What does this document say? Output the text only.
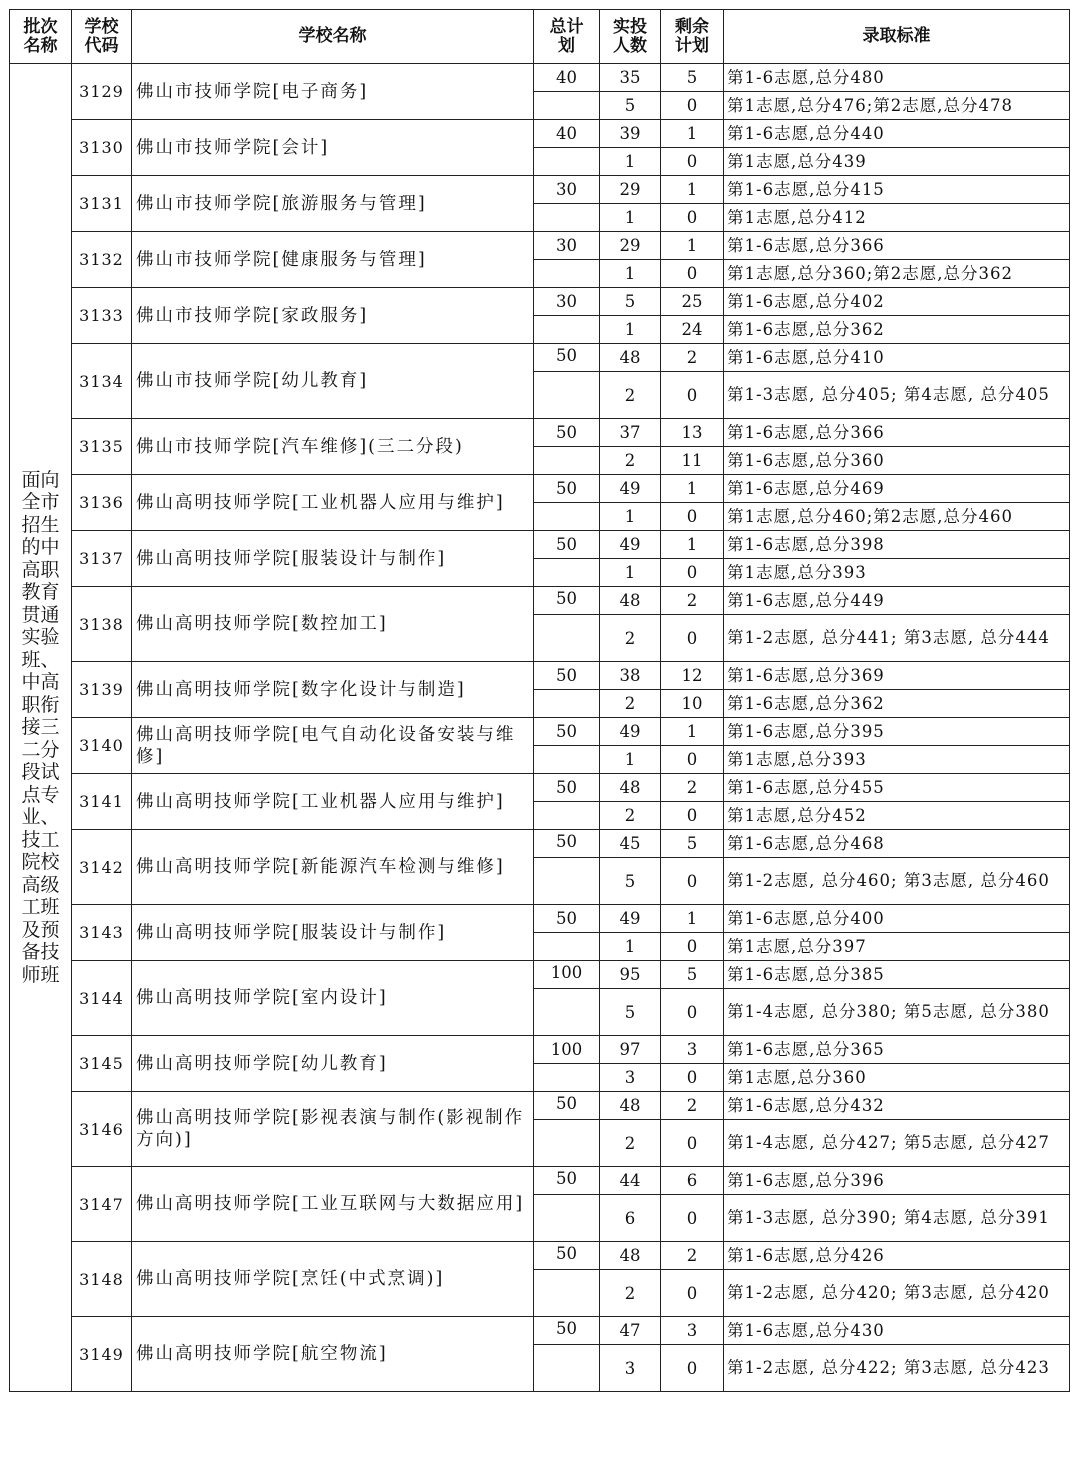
批次名称	学校代码	学校名称	总计划	实投人数	剩余计划	录取标准
面向全市招生的中高职教育贯通实验班、中高职衔接三二分段试点专业、技工院校高级工班及预备技师班	3129	佛山市技师学院[电子商务]	40	35	5	第1-6志愿,总分480
				5	0	第1志愿,总分476;第2志愿,总分478
	3130	佛山市技师学院[会计]	40	39	1	第1-6志愿,总分440
				1	0	第1志愿,总分439
	3131	佛山市技师学院[旅游服务与管理]	30	29	1	第1-6志愿,总分415
				1	0	第1志愿,总分412
	3132	佛山市技师学院[健康服务与管理]	30	29	1	第1-6志愿,总分366
				1	0	第1志愿,总分360;第2志愿,总分362
	3133	佛山市技师学院[家政服务]	30	5	25	第1-6志愿,总分402
				1	24	第1-6志愿,总分362
	3134	佛山市技师学院[幼儿教育]	50	48	2	第1-6志愿,总分410
				2	0	第1-3志愿, 总分405; 第4志愿, 总分405
	3135	佛山市技师学院[汽车维修](三二分段)	50	37	13	第1-6志愿,总分366
				2	11	第1-6志愿,总分360
	3136	佛山高明技师学院[工业机器人应用与维护]	50	49	1	第1-6志愿,总分469
				1	0	第1志愿,总分460;第2志愿,总分460
	3137	佛山高明技师学院[服装设计与制作]	50	49	1	第1-6志愿,总分398
				1	0	第1志愿,总分393
	3138	佛山高明技师学院[数控加工]	50	48	2	第1-6志愿,总分449
				2	0	第1-2志愿, 总分441; 第3志愿, 总分444
	3139	佛山高明技师学院[数字化设计与制造]	50	38	12	第1-6志愿,总分369
				2	10	第1-6志愿,总分362
	3140	佛山高明技师学院[电气自动化设备安装与维修]	50	49	1	第1-6志愿,总分395
				1	0	第1志愿,总分393
	3141	佛山高明技师学院[工业机器人应用与维护]	50	48	2	第1-6志愿,总分455
				2	0	第1志愿,总分452
	3142	佛山高明技师学院[新能源汽车检测与维修]	50	45	5	第1-6志愿,总分468
				5	0	第1-2志愿, 总分460; 第3志愿, 总分460
	3143	佛山高明技师学院[服装设计与制作]	50	49	1	第1-6志愿,总分400
				1	0	第1志愿,总分397
	3144	佛山高明技师学院[室内设计]	100	95	5	第1-6志愿,总分385
				5	0	第1-4志愿, 总分380; 第5志愿, 总分380
	3145	佛山高明技师学院[幼儿教育]	100	97	3	第1-6志愿,总分365
				3	0	第1志愿,总分360
	3146	佛山高明技师学院[影视表演与制作(影视制作方向)]	50	48	2	第1-6志愿,总分432
				2	0	第1-4志愿, 总分427; 第5志愿, 总分427
	3147	佛山高明技师学院[工业互联网与大数据应用]	50	44	6	第1-6志愿,总分396
				6	0	第1-3志愿, 总分390; 第4志愿, 总分391
	3148	佛山高明技师学院[烹饪(中式烹调)]	50	48	2	第1-6志愿,总分426
				2	0	第1-2志愿, 总分420; 第3志愿, 总分420
	3149	佛山高明技师学院[航空物流]	50	47	3	第1-6志愿,总分430
				3	0	第1-2志愿, 总分422; 第3志愿, 总分423
